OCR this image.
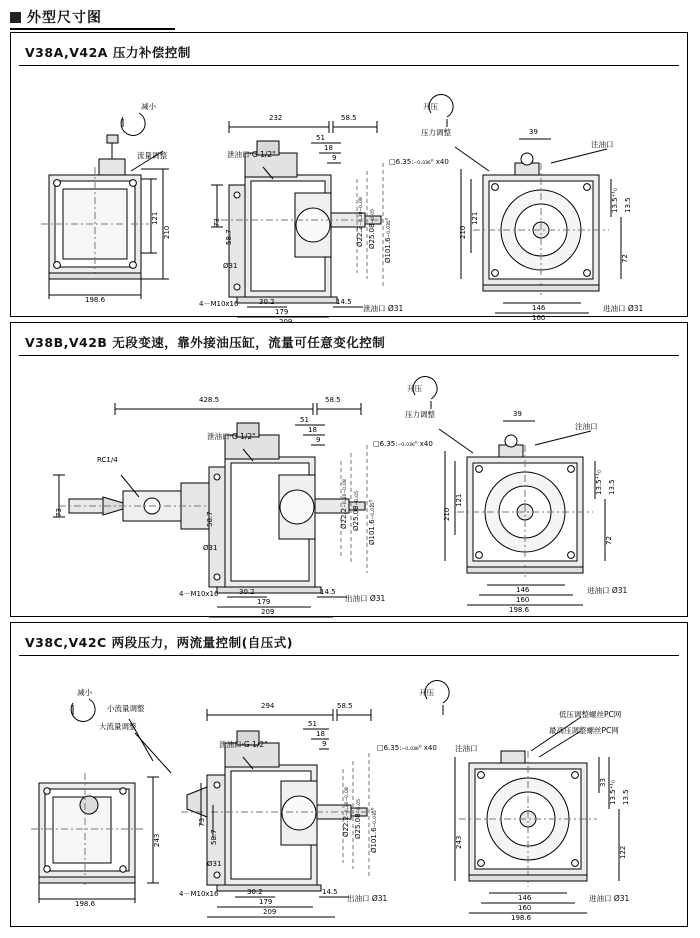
外型尺寸图
V38A,V42A 压力补偿控制
减小
流量调整
198.6
121
210
232	58.5
51
18
9
泄油口·G 1/2"
73
58.7
Ø31
30.2
179
14.5
4－M10x16
Ø22.2₋₀.₂₀₋₀.₀₈ Ø25.08₋₀.₀₅ Ø101.6₋₀.₀₃₅⁰
□6.35:₋₀.₀₃₆⁰ x40
泄油口 Ø31
升压
压力调整
注油口
39
121
210
13.5⁺¹₀ 13.5
72
146
160
进油口 Ø31
V38B,V42B 无段变速，靠外接油压缸，流量可任意变化控制
RC1/4
73
428.5	58.5
51
18
9
泄油口·G 1/2"
58.7
Ø31
30.2
179
209
14.5
4－M10x16
Ø22.2₋₀.₂₀₋₀.₀₈ Ø25.08₋₀.₀₅ Ø101.6₋₀.₀₃₅⁰
□6.35:₋₀.₀₃₆⁰ x40
出油口 Ø31
升压
压力调整
注油口
39
121
210
13.5⁺¹₀ 13.5
72
146
160
198.6
进油口 Ø31
V38C,V42C 两段压力，两流量控制(自压式)
减小
小流量调整
大流量调整
198.6
243
294	58.5
51
18
9
泄油口·G 1/2"
73
58.7
Ø31
30.2
179
209
14.5
4－M10x16
Ø22.2₋₀.₂₀₋₀.₀₈ Ø25.08₋₀.₀₅ Ø101.6₋₀.₀₃₅⁰
□6.35:₋₀.₀₃₆⁰ x40 注油口
出油口 Ø31
升压
低压调整螺丝PC网
最高压调整螺丝PC网
243
33 13.5⁺¹₀ 13.5
122
146
160
198.6
进油口 Ø31
